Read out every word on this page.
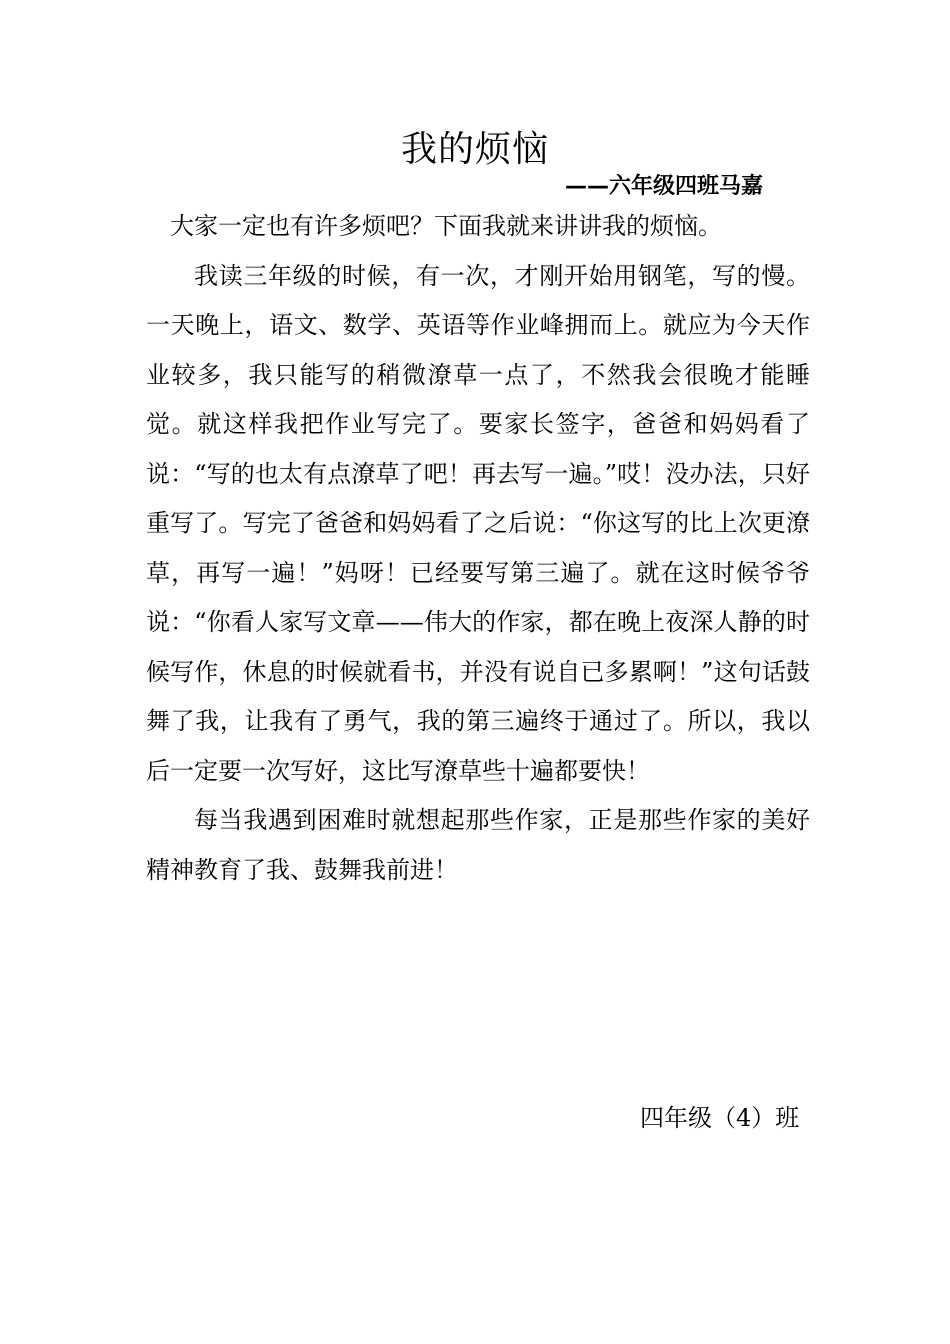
我的烦恼
——六年级四班马嘉

大家一定也有许多烦吧？下面我就来讲讲我的烦恼。

我读三年级的时候，有一次，才刚开始用钢笔，写的慢。一天晚上，语文、数学、英语等作业峰拥而上。就应为今天作业较多，我只能写的稍微潦草一点了，不然我会很晚才能睡觉。就这样我把作业写完了。要家长签字，爸爸和妈妈看了说：“写的也太有点潦草了吧！再去写一遍。”哎！没办法，只好重写了。写完了爸爸和妈妈看了之后说：“你这写的比上次更潦草，再写一遍！”妈呀！已经要写第三遍了。就在这时候爷爷说：“你看人家写文章——伟大的作家，都在晚上夜深人静的时候写作，休息的时候就看书，并没有说自已多累啊！”这句话鼓舞了我，让我有了勇气，我的第三遍终于通过了。所以，我以后一定要一次写好，这比写潦草些十遍都要快！

每当我遇到困难时就想起那些作家，正是那些作家的美好精神教育了我、鼓舞我前进！

四年级（4）班
